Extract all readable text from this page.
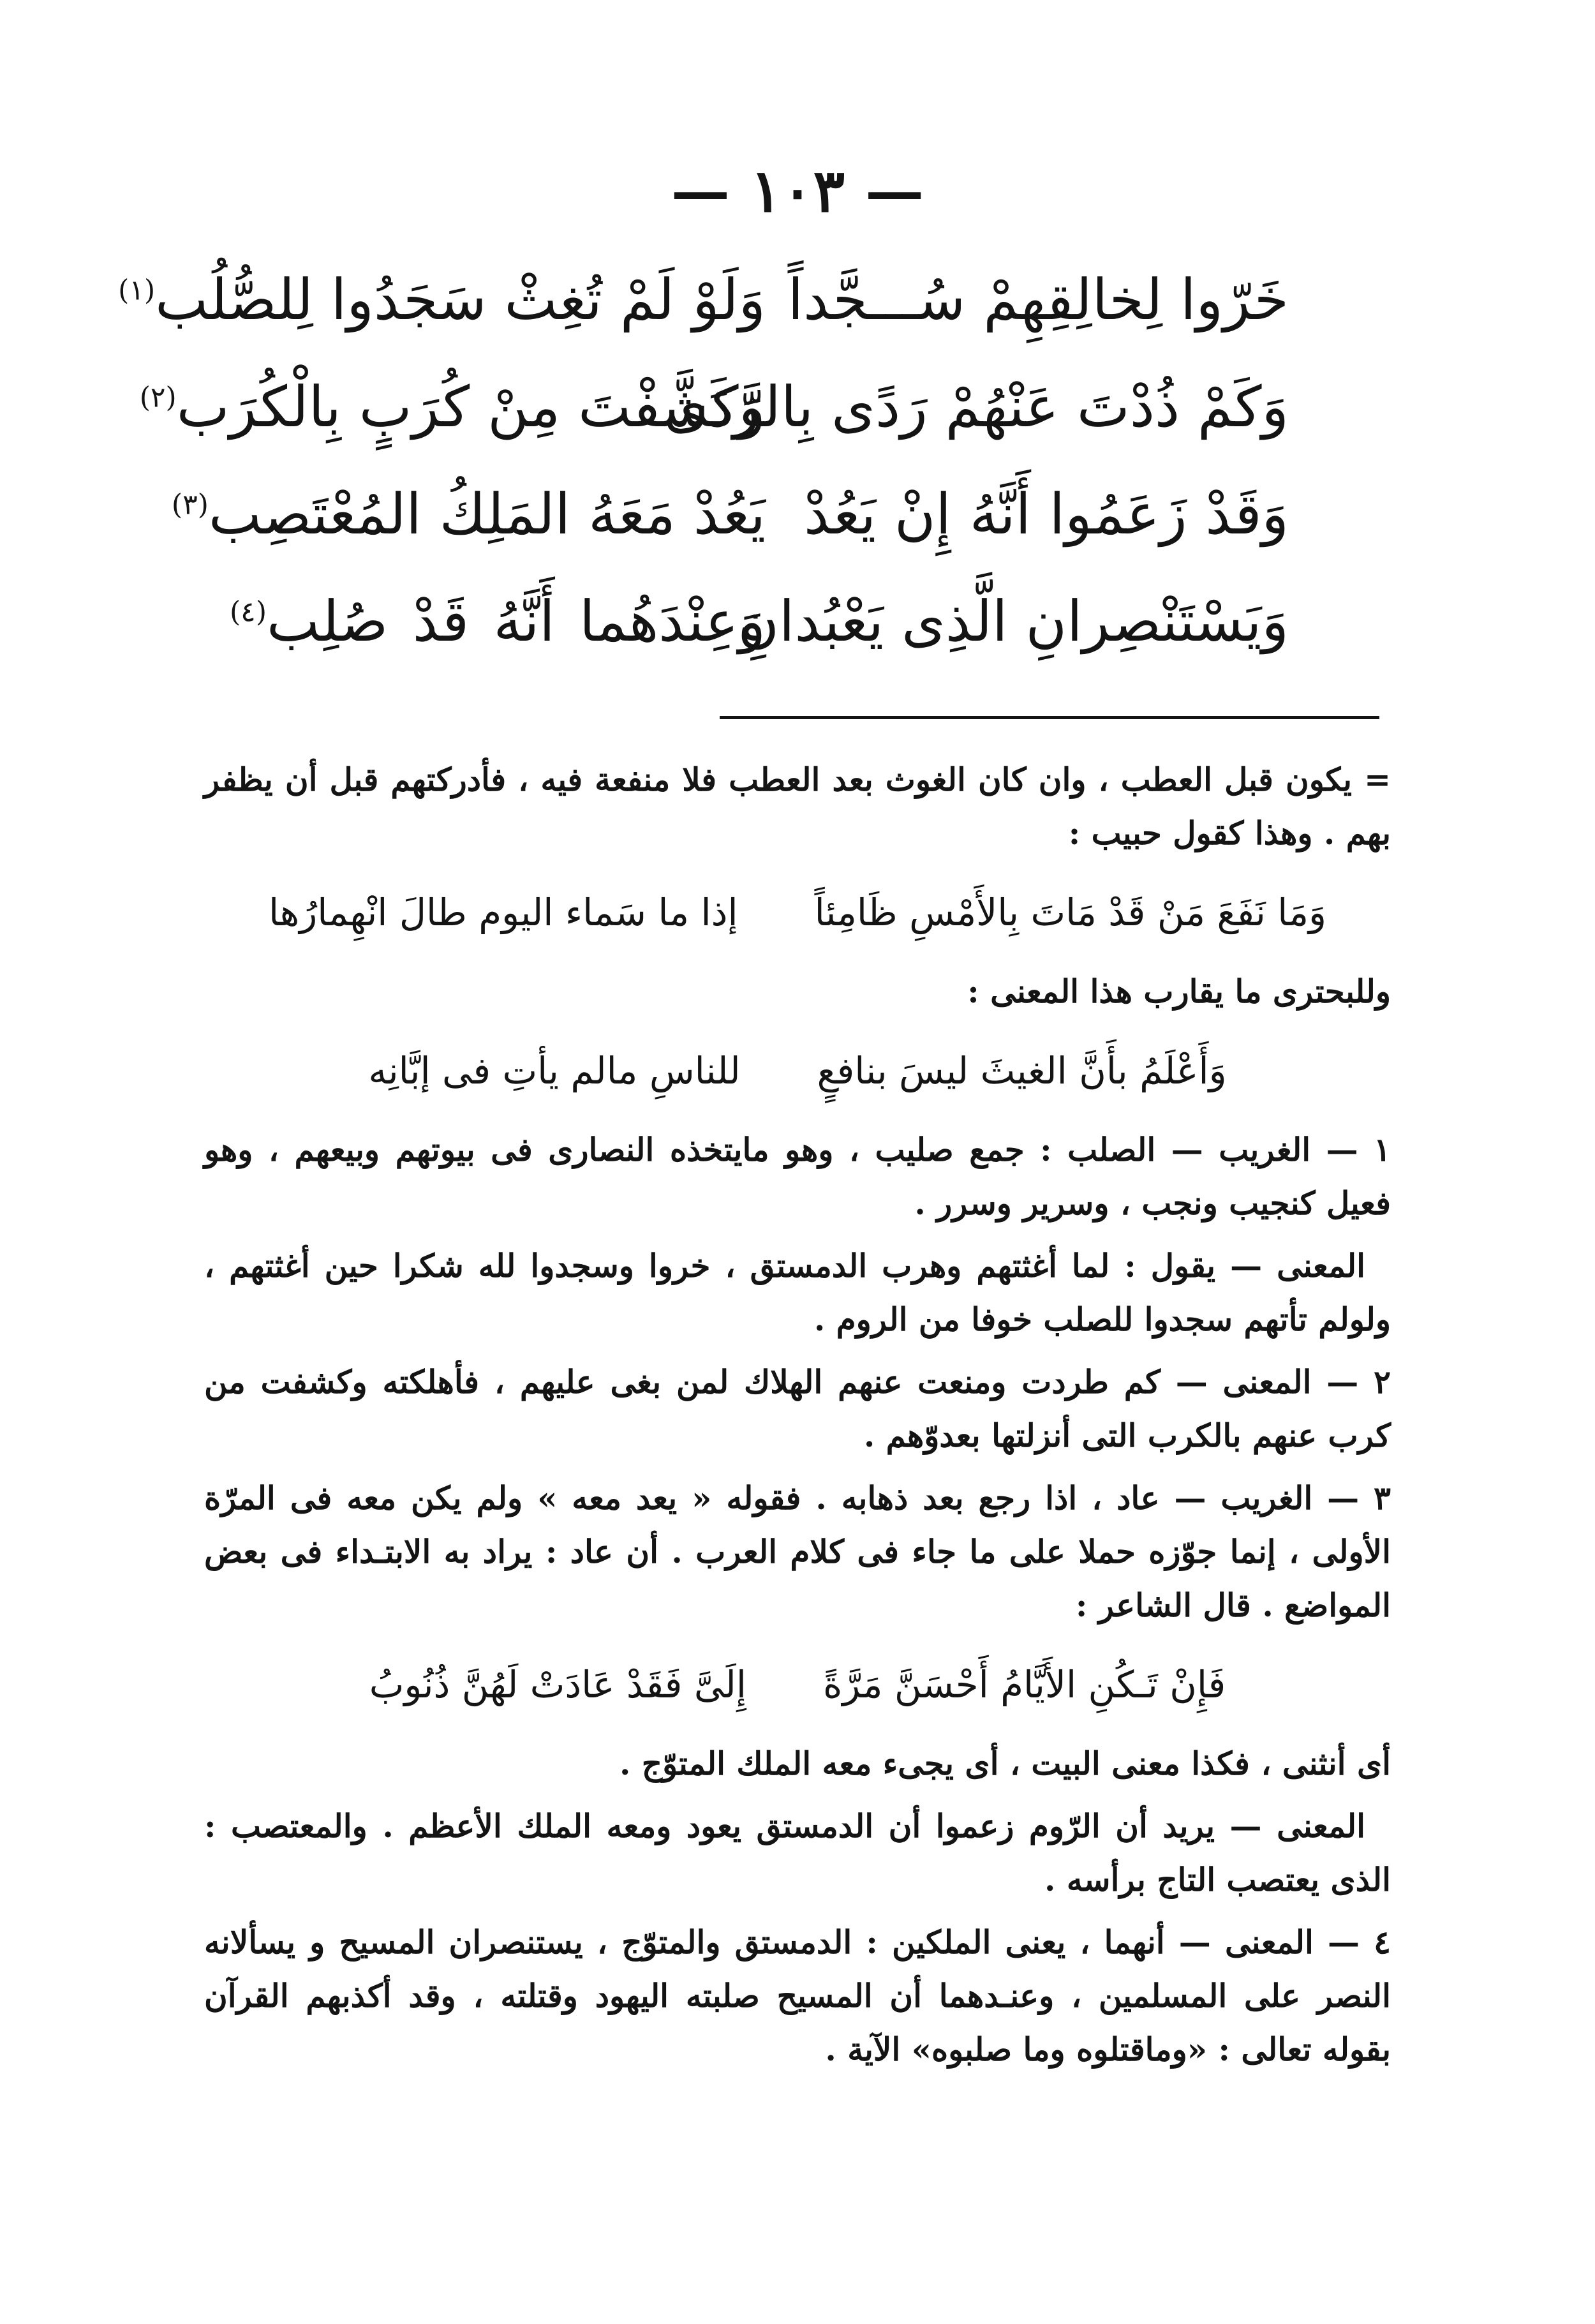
— ١٠٣ —
خَرّوا لِخالِقِهِمْ سُـــجَّداً
وَلَوْ لَمْ تُغِثْ سَجَدُوا لِلصُّلُب$^{(١)}$
وَكَمْ ذُدْتَ عَنْهُمْ رَدًى بِالرَّدَى
وَكَشَّفْتَ مِنْ كُرَبٍ بِالْكُرَب$^{(٢)}$
وَقَدْ زَعَمُوا أَنَّهُ إِنْ يَعُدْ
يَعُدْ مَعَهُ المَلِكُ المُعْتَصِب$^{(٣)}$
وَيَسْتَنْصِرانِ الَّذِى يَعْبُدانِ
وَعِنْدَهُما أَنَّهُ قَدْ صُلِب$^{(٤)}$

= يكون قبل العطب ، وان كان الغوث بعد العطب فلا منفعة فيه ، فأدركتهم قبل أن يظفر بهم . وهذا كقول حبيب :

وَمَا نَفَعَ مَنْ قَدْ مَاتَ بِالأَمْسِ ظَامِئاً
إذا ما سَماء اليوم طالَ انْهِمارُها

وللبحترى ما يقارب هذا المعنى :

وَأَعْلَمُ بأَنَّ الغيثَ ليسَ بنافعٍ
للناسِ مالم يأتِ فى إبَّانِه

١ — الغريب — الصلب : جمع صليب ، وهو مايتخذه النصارى فى بيوتهم وبيعهم ، وهو فعيل كنجيب ونجب ، وسرير وسرر .

المعنى — يقول : لما أغثتهم وهرب الدمستق ، خروا وسجدوا لله شكرا حين أغثتهم ، ولولم تأتهم سجدوا للصلب خوفا من الروم .

٢ — المعنى — كم طردت ومنعت عنهم الهلاك لمن بغى عليهم ، فأهلكته وكشفت من كرب عنهم بالكرب التى أنزلتها بعدوّهم .

٣ — الغريب — عاد ، اذا رجع بعد ذهابه . فقوله « يعد معه » ولم يكن معه فى المرّة الأولى ، إنما جوّزه حملا على ما جاء فى كلام العرب . أن عاد : يراد به الابتـداء فى بعض المواضع . قال الشاعر :

فَإِنْ تَـكُنِ الأَيَّامُ أَحْسَنَّ مَرَّةً
إِلَىَّ فَقَدْ عَادَتْ لَهُنَّ ذُنُوبُ

أى أنثنى ، فكذا معنى البيت ، أى يجىء معه الملك المتوّج .

المعنى — يريد أن الرّوم زعموا أن الدمستق يعود ومعه الملك الأعظم . والمعتصب : الذى يعتصب التاج برأسه .

٤ — المعنى — أنهما ، يعنى الملكين : الدمستق والمتوّج ، يستنصران المسيح و يسألانه النصر على المسلمين ، وعنـدهما أن المسيح صلبته اليهود وقتلته ، وقد أكذبهم القرآن بقوله تعالى : «وماقتلوه وما صلبوه» الآية .
